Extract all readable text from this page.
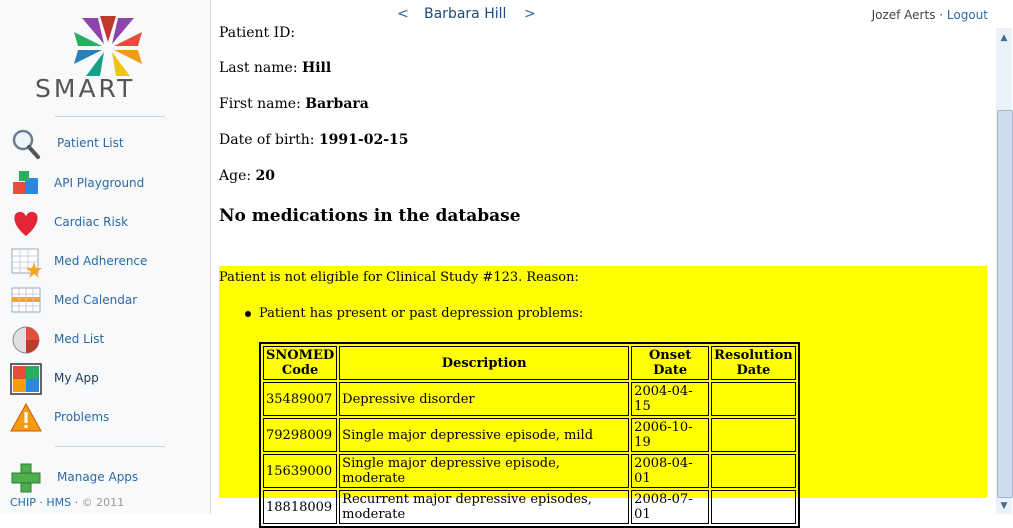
SMART
Patient List
API Playground
Cardiac Risk
Med Adherence
Med Calendar
Med List
My App
Problems
Manage Apps
CHIP · HMS · © 2011
< Barbara Hill >	Jozef Aerts · Logout
Patient ID:
Last name: Hill
First name: Barbara
Date of birth: 1991-02-15
Age: 20
No medications in the database
Patient is not eligible for Clinical Study #123. Reason:
Patient has present or past depression problems:
SNOMED Code	Description	Onset Date	Resolution Date
35489007	Depressive disorder	2004-04-15	
79298009	Single major depressive episode, mild	2006-10-19	
15639000	Single major depressive episode, moderate	2008-04-01	
18818009	Recurrent major depressive episodes, moderate	2008-07-01	
▲
▼
